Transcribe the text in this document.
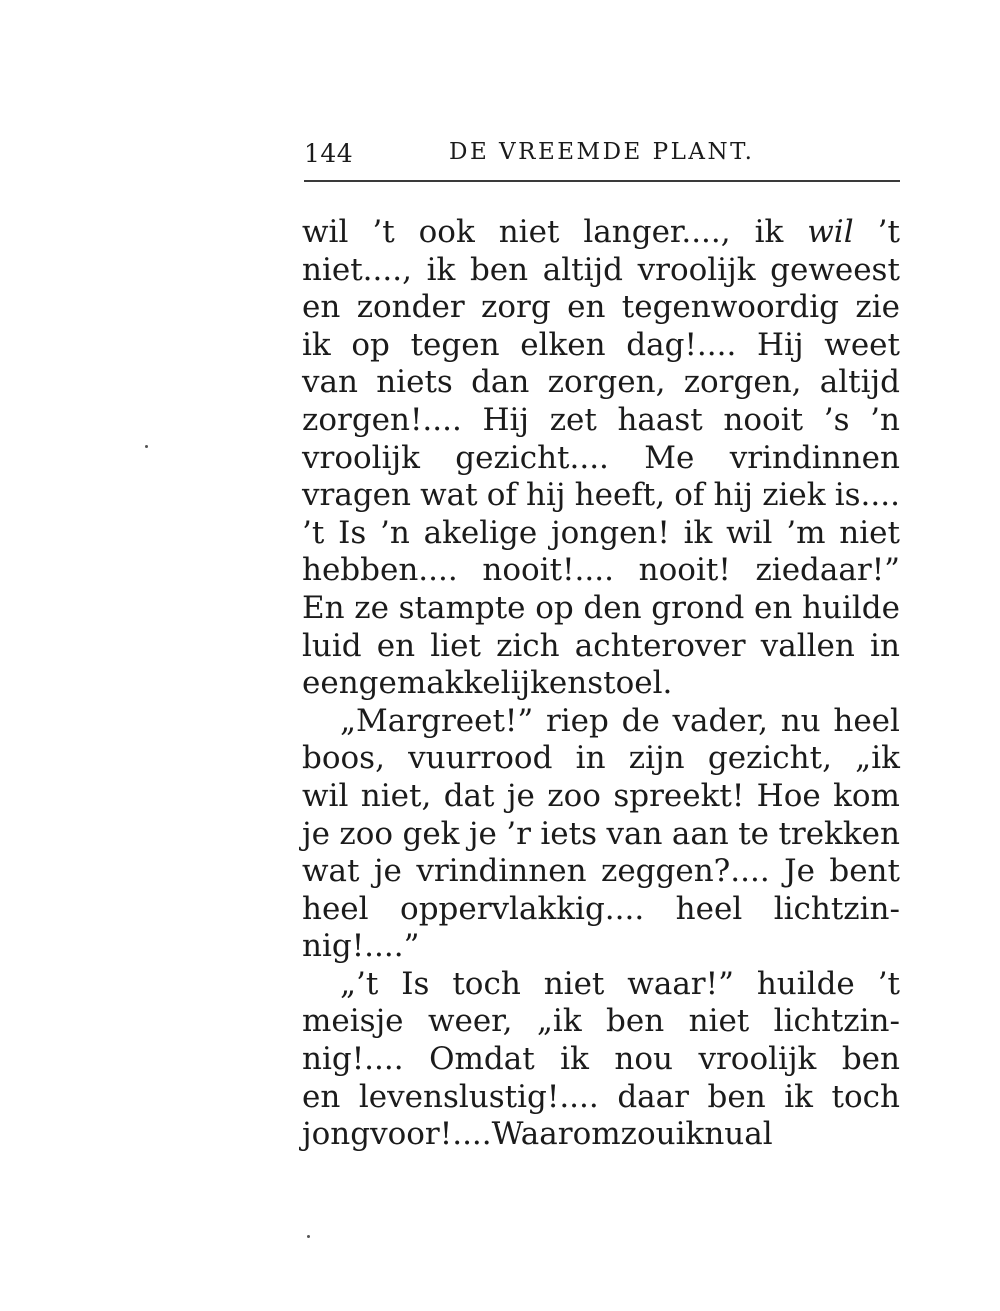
144	DE VREEMDE PLANT.
wil ’t ook niet langer...., ik wil ’t
niet...., ik ben altijd vroolijk geweest
en zonder zorg en tegenwoordig zie
ik op tegen elken dag!.... Hij weet
van niets dan zorgen, zorgen, altijd
zorgen!.... Hij zet haast nooit ’s ’n
vroolijk gezicht.... Me vrindinnen
vragen wat of hij heeft, of hij ziek is....
’t Is ’n akelige jongen! ik wil ’m niet
hebben.... nooit!.... nooit! ziedaar!”
En ze stampte op den grond en huilde
luid en liet zich achterover vallen in
een gemakkelijken stoel.
„Margreet!” riep de vader, nu heel
boos, vuurrood in zijn gezicht, „ik
wil niet, dat je zoo spreekt! Hoe kom
je zoo gek je ’r iets van aan te trekken
wat je vrindinnen zeggen?.... Je bent
heel oppervlakkig.... heel lichtzin-
nig!....”
„’t Is toch niet waar!” huilde ’t
meisje weer, „ik ben niet lichtzin-
nig!.... Omdat ik nou vroolijk ben
en levenslustig!.... daar ben ik toch
jong voor!.... Waarom zou ik nu al
